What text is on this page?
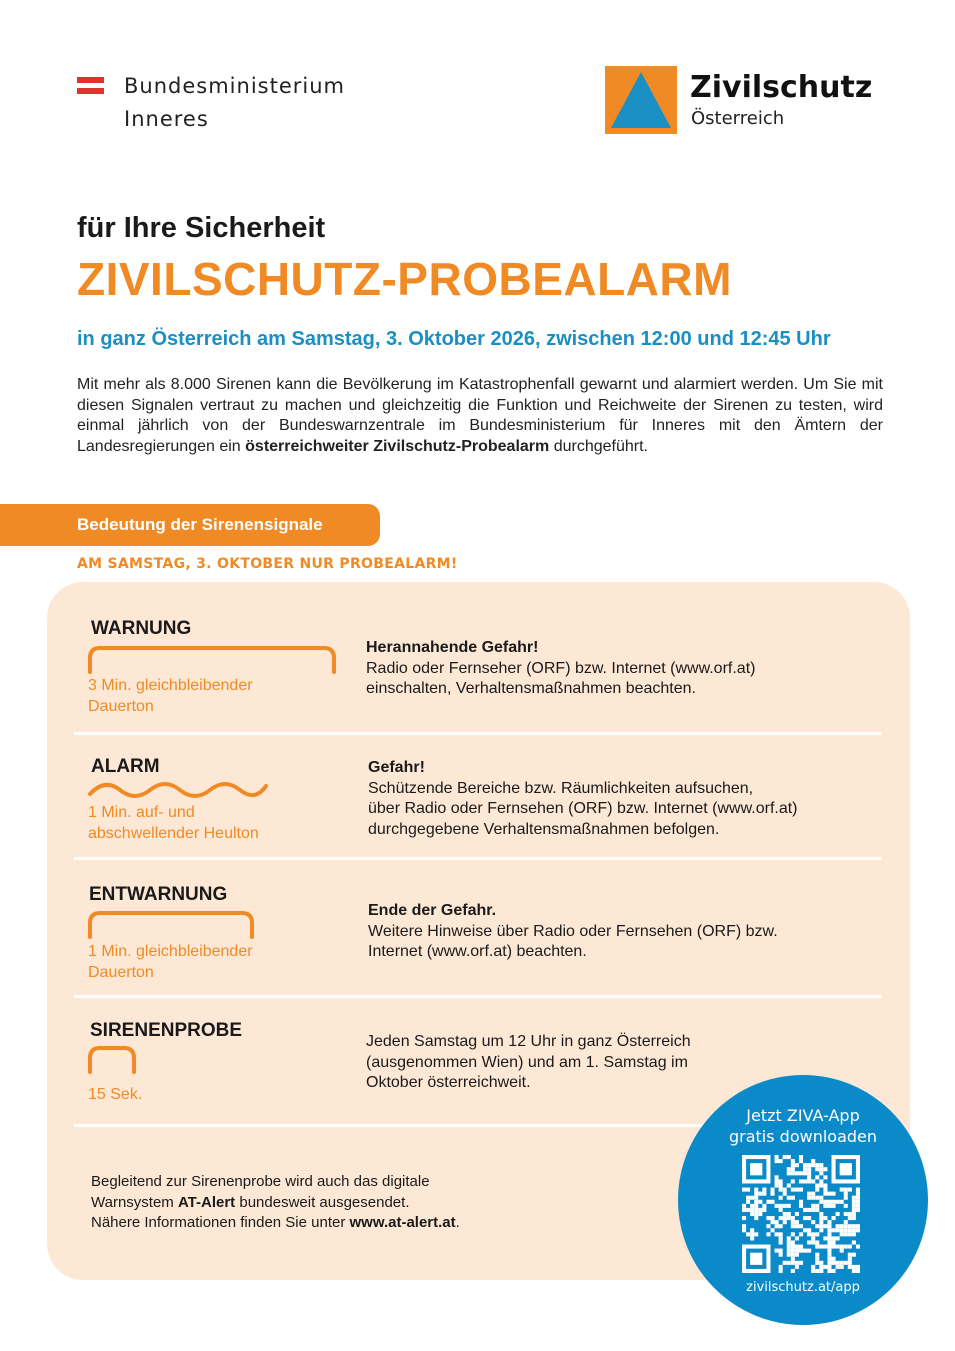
Bundesministerium
Inneres
Zivilschutz
Österreich
für Ihre Sicherheit
ZIVILSCHUTZ-PROBEALARM
in ganz Österreich am Samstag, 3. Oktober 2026, zwischen 12:00 und 12:45 Uhr
Mit mehr als 8.000 Sirenen kann die Bevölkerung im Katastrophenfall gewarnt und alarmiert werden. Um Sie mit diesen Signalen vertraut zu machen und gleichzeitig die Funktion und Reichweite der Sirenen zu testen, wird einmal jährlich von der Bundeswarnzentrale im Bundesministerium für Inneres mit den Ämtern der Landesregierungen ein österreichweiter Zivilschutz-Probealarm durchgeführt.
Bedeutung der Sirenensignale
AM SAMSTAG, 3. OKTOBER NUR PROBEALARM!
WARNUNG
3 Min. gleichbleibender
Dauerton
Herannahende Gefahr!
Radio oder Fernseher (ORF) bzw. Internet (www.orf.at)
einschalten, Verhaltensmaßnahmen beachten.
ALARM
1 Min. auf- und
abschwellender Heulton
Gefahr!
Schützende Bereiche bzw. Räumlichkeiten aufsuchen,
über Radio oder Fernsehen (ORF) bzw. Internet (www.orf.at)
durchgegebene Verhaltensmaßnahmen befolgen.
ENTWARNUNG
1 Min. gleichbleibender
Dauerton
Ende der Gefahr.
Weitere Hinweise über Radio oder Fernsehen (ORF) bzw.
Internet (www.orf.at) beachten.
SIRENENPROBE
15 Sek.
Jeden Samstag um 12 Uhr in ganz Österreich
(ausgenommen Wien) und am 1. Samstag im
Oktober österreichweit.
Begleitend zur Sirenenprobe wird auch das digitale
Warnsystem AT-Alert bundesweit ausgesendet.
Nähere Informationen finden Sie unter www.at-alert.at.
Jetzt ZIVA-App
gratis downloaden
zivilschutz.at/app
